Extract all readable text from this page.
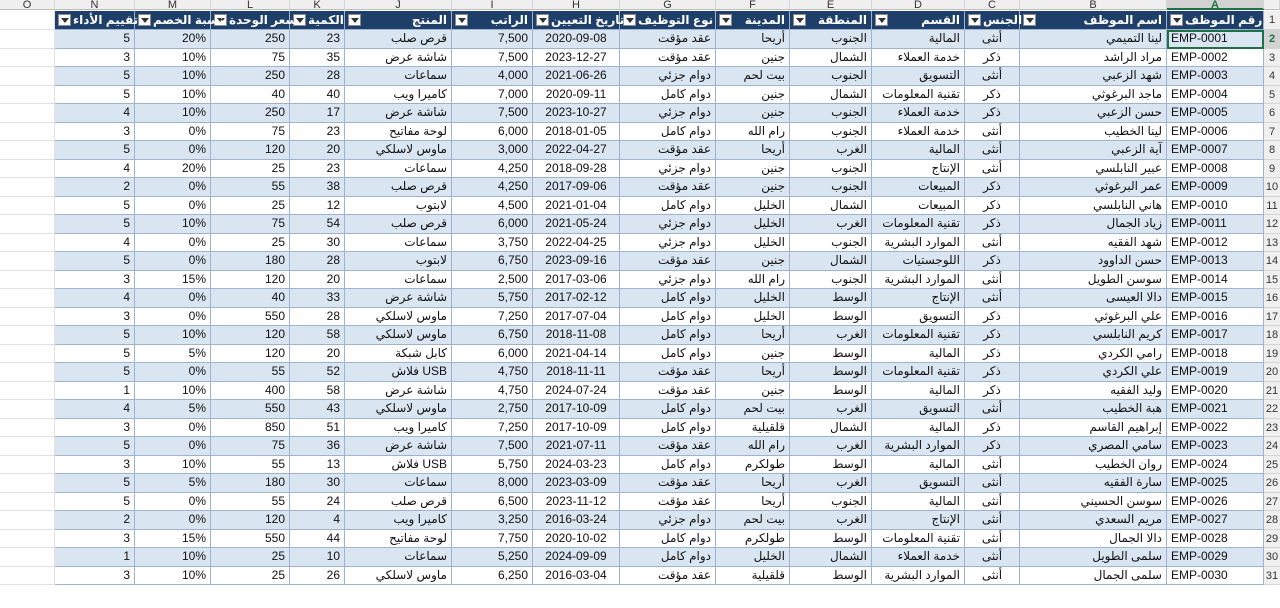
A
B
C
D
E
F
G
H
I
J
K
L
M
N
O
1
2
3
4
5
6
7
8
9
10
11
12
13
14
15
16
17
18
19
20
21
22
23
24
25
26
27
28
29
30
31
رقم الموظف
اسم الموظف
الجنس
القسم
المنطقة
المدينة
نوع التوظيف
تاريخ التعيين
الراتب
المنتج
الكمية
سعر الوحدة
نسبة الخصم
تقييم الأداء
EMP-0001
لينا التميمي
أنثى
المالية
الجنوب
أريحا
عقد مؤقت
2020-09-08
7,500
قرص صلب
23
250
20%
5
EMP-0002
مراد الراشد
ذكر
خدمة العملاء
الشمال
جنين
عقد مؤقت
2023-12-27
7,500
شاشة عرض
35
75
10%
3
EMP-0003
شهد الزعبي
أنثى
التسويق
الجنوب
بيت لحم
دوام جزئي
2021-06-26
4,000
سماعات
28
250
10%
5
EMP-0004
ماجد البرغوثي
ذكر
تقنية المعلومات
الشمال
جنين
دوام كامل
2020-09-11
7,000
كاميرا ويب
40
40
10%
5
EMP-0005
حسن الزعبي
ذكر
خدمة العملاء
الجنوب
جنين
دوام جزئي
2023-10-27
7,500
شاشة عرض
17
250
10%
4
EMP-0006
لينا الخطيب
أنثى
خدمة العملاء
الجنوب
رام الله
دوام كامل
2018-01-05
6,000
لوحة مفاتيح
23
75
0%
3
EMP-0007
آية الزعبي
أنثى
المالية
الغرب
أريحا
عقد مؤقت
2022-04-27
3,000
ماوس لاسلكي
20
120
0%
5
EMP-0008
عبير النابلسي
أنثى
الإنتاج
الجنوب
جنين
دوام جزئي
2018-09-28
4,250
سماعات
23
25
20%
4
EMP-0009
عمر البرغوثي
ذكر
المبيعات
الجنوب
جنين
عقد مؤقت
2017-09-06
4,250
قرص صلب
38
55
0%
2
EMP-0010
هاني النابلسي
ذكر
المبيعات
الشمال
الخليل
دوام كامل
2021-01-04
4,500
لابتوب
12
25
0%
5
EMP-0011
زياد الجمال
ذكر
تقنية المعلومات
الغرب
الخليل
دوام جزئي
2021-05-24
6,000
قرص صلب
54
75
10%
5
EMP-0012
شهد الفقيه
أنثى
الموارد البشرية
الجنوب
الخليل
دوام جزئي
2022-04-25
3,750
سماعات
30
25
0%
4
EMP-0013
حسن الداوود
ذكر
اللوجستيات
الشمال
جنين
عقد مؤقت
2023-09-16
6,750
لابتوب
28
180
0%
5
EMP-0014
سوسن الطويل
أنثى
الموارد البشرية
الجنوب
رام الله
دوام جزئي
2017-03-06
2,500
سماعات
20
120
15%
3
EMP-0015
دالا العيسى
أنثى
الإنتاج
الوسط
الخليل
دوام كامل
2017-02-12
5,750
شاشة عرض
33
40
0%
4
EMP-0016
علي البرغوثي
ذكر
التسويق
الوسط
الخليل
دوام كامل
2017-07-04
7,250
ماوس لاسلكي
28
550
0%
3
EMP-0017
كريم النابلسي
ذكر
تقنية المعلومات
الغرب
أريحا
دوام كامل
2018-11-08
6,750
ماوس لاسلكي
58
120
10%
5
EMP-0018
رامي الكردي
ذكر
المالية
الوسط
جنين
دوام كامل
2021-04-14
6,000
كابل شبكة
20
120
5%
5
EMP-0019
علي الكردي
ذكر
تقنية المعلومات
الوسط
أريحا
عقد مؤقت
2018-11-11
4,750
فلاش USB
52
55
0%
5
EMP-0020
وليد الفقيه
ذكر
المالية
الوسط
جنين
عقد مؤقت
2024-07-24
4,750
شاشة عرض
58
400
10%
1
EMP-0021
هبة الخطيب
أنثى
التسويق
الغرب
بيت لحم
دوام كامل
2017-10-09
2,750
ماوس لاسلكي
43
550
5%
4
EMP-0022
إبراهيم القاسم
ذكر
المالية
الشمال
قلقيلية
دوام كامل
2017-10-09
7,250
كاميرا ويب
51
850
0%
3
EMP-0023
سامي المصري
ذكر
الموارد البشرية
الغرب
رام الله
عقد مؤقت
2021-07-11
7,500
شاشة عرض
36
75
0%
5
EMP-0024
روان الخطيب
أنثى
المالية
الوسط
طولكرم
دوام كامل
2024-03-23
5,750
فلاش USB
13
55
10%
3
EMP-0025
سارة الفقيه
أنثى
التسويق
الغرب
أريحا
عقد مؤقت
2023-03-09
8,000
سماعات
30
180
5%
5
EMP-0026
سوسن الحسيني
أنثى
المالية
الجنوب
أريحا
عقد مؤقت
2023-11-12
6,500
قرص صلب
24
55
0%
5
EMP-0027
مريم السعدي
أنثى
الإنتاج
الغرب
بيت لحم
دوام جزئي
2016-03-24
3,250
كاميرا ويب
4
120
0%
2
EMP-0028
دالا الجمال
أنثى
تقنية المعلومات
الوسط
طولكرم
دوام كامل
2020-10-02
7,750
لوحة مفاتيح
44
550
15%
3
EMP-0029
سلمى الطويل
أنثى
خدمة العملاء
الشمال
الخليل
دوام كامل
2024-09-09
5,250
سماعات
10
25
10%
1
EMP-0030
سلمى الجمال
أنثى
الموارد البشرية
الوسط
قلقيلية
عقد مؤقت
2016-03-04
6,250
ماوس لاسلكي
26
25
10%
3
